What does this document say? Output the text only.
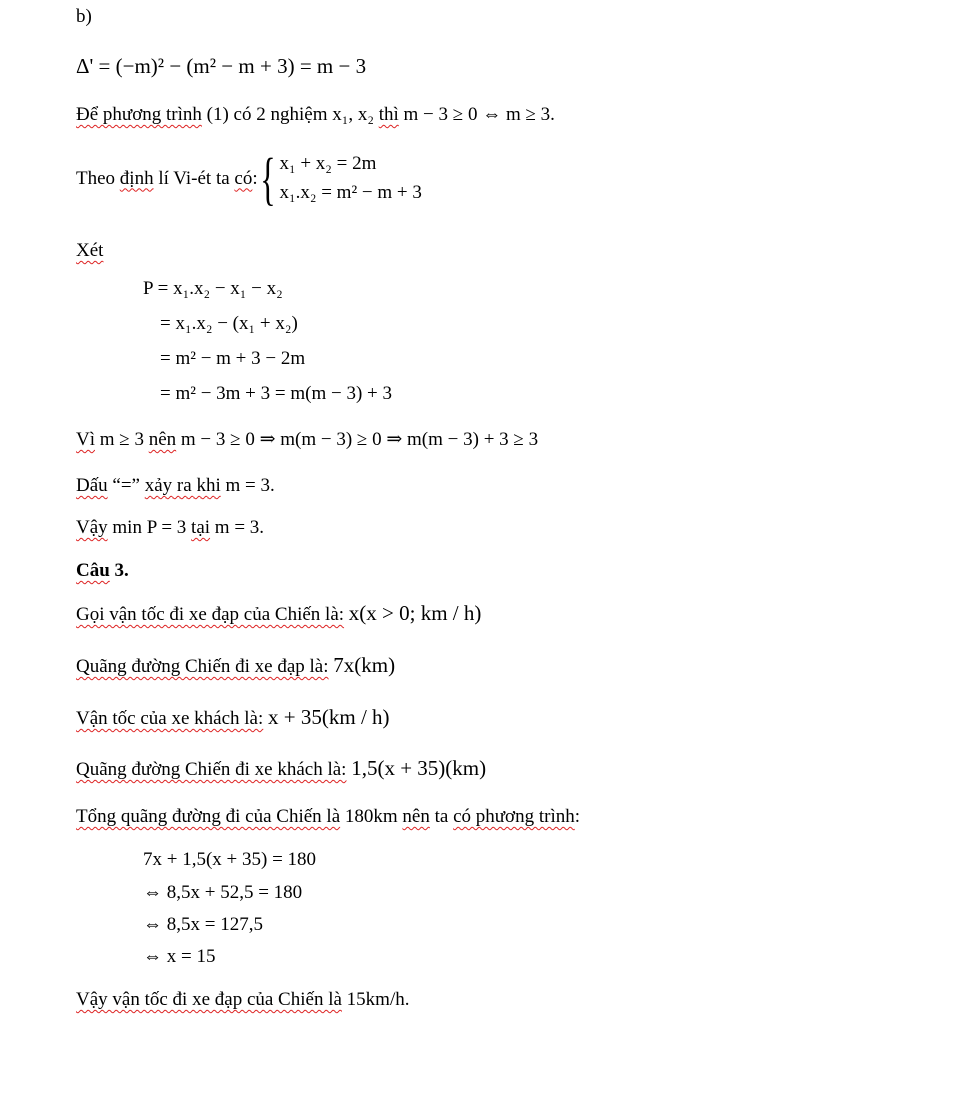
b)
Δ' = (−m)² − (m² − m + 3) = m − 3
Để phương trình (1) có 2 nghiệm x₁, x₂ thì m − 3 ≥ 0 ⇔ m ≥ 3.
Theo định lí Vi-ét ta có: { x₁ + x₂ = 2m
x₁.x₂ = m² − m + 3
Xét
P = x₁.x₂ − x₁ − x₂
= x₁.x₂ − (x₁ + x₂)
= m² − m + 3 − 2m
= m² − 3m + 3 = m(m − 3) + 3
Vì m ≥ 3 nên m − 3 ≥ 0 ⇒ m(m − 3) ≥ 0 ⇒ m(m − 3) + 3 ≥ 3
Dấu “=” xảy ra khi m = 3.
Vậy min P = 3 tại m = 3.
Câu 3.
Gọi vận tốc đi xe đạp của Chiến là: x(x > 0; km / h)
Quãng đường Chiến đi xe đạp là: 7x(km)
Vận tốc của xe khách là: x + 35(km / h)
Quãng đường Chiến đi xe khách là: 1,5(x + 35)(km)
Tổng quãng đường đi của Chiến là 180km nên ta có phương trình:
7x + 1,5(x + 35) = 180
⇔ 8,5x + 52,5 = 180
⇔ 8,5x = 127,5
⇔ x = 15
Vậy vận tốc đi xe đạp của Chiến là 15km/h.
